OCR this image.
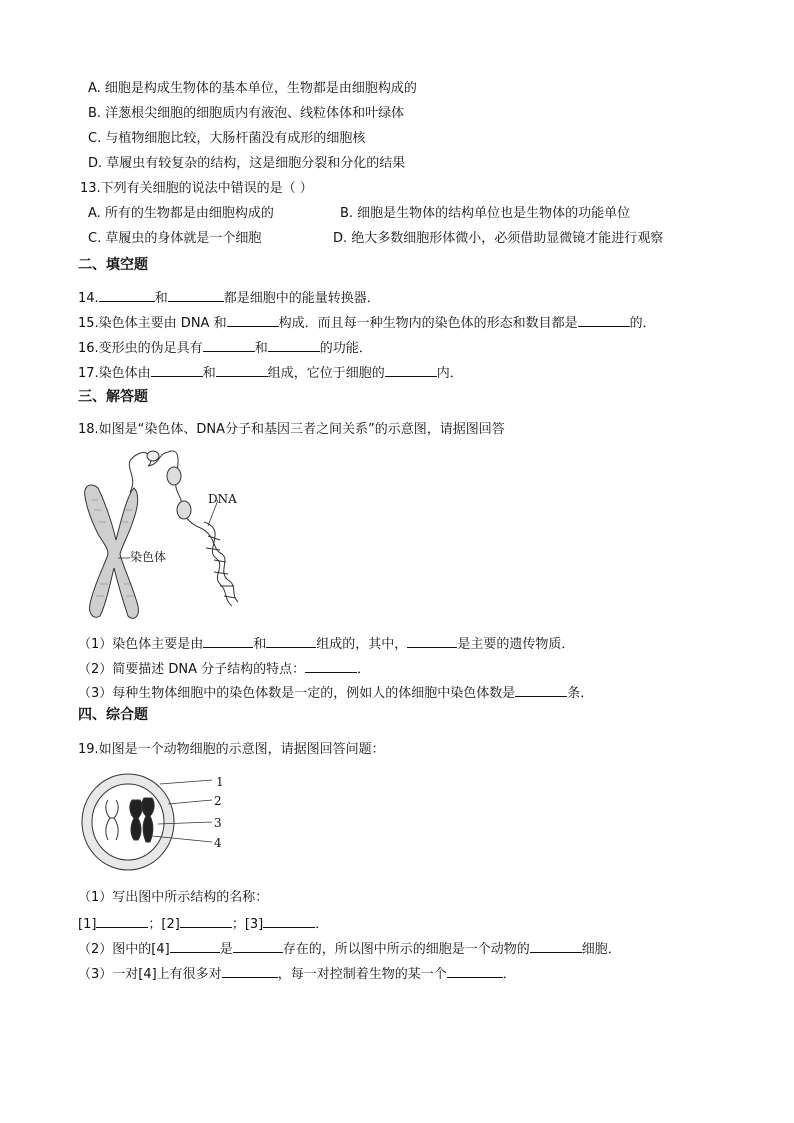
A. 细胞是构成生物体的基本单位，生物都是由细胞构成的
B. 洋葱根尖细胞的细胞质内有液泡、线粒体体和叶绿体
C. 与植物细胞比较，大肠杆菌没有成形的细胞核
D. 草履虫有较复杂的结构，这是细胞分裂和分化的结果
13.下列有关细胞的说法中错误的是（ ）
A. 所有的生物都是由细胞构成的	B. 细胞是生物体的结构单位也是生物体的功能单位
C. 草履虫的身体就是一个细胞	D. 绝大多数细胞形体微小，必须借助显微镜才能进行观察
二、填空题
14.	和	都是细胞中的能量转换器．
15.染色体主要由 DNA 和	构成．而且每一种生物内的染色体的形态和数目都是	的．
16.变形虫的伪足具有	和	的功能．
17.染色体由	和	组成，它位于细胞的	内．
三、解答题
18.如图是“染色体、DNA分子和基因三者之间关系”的示意图，请据图回答
DNA
染色体
（1）染色体主要是由	和	组成的，其中，	是主要的遗传物质．
（2）简要描述 DNA 分子结构的特点：	．
（3）每种生物体细胞中的染色体数是一定的，例如人的体细胞中染色体数是	条．
四、综合题
19.如图是一个动物细胞的示意图，请据图回答问题：
1
2
3
4
（1）写出图中所示结构的名称：
[1]	；[2]	；[3]	．
（2）图中的[4]	是	存在的，所以图中所示的细胞是一个动物的	细胞．
（3）一对[4]上有很多对	，每一对控制着生物的某一个	．
